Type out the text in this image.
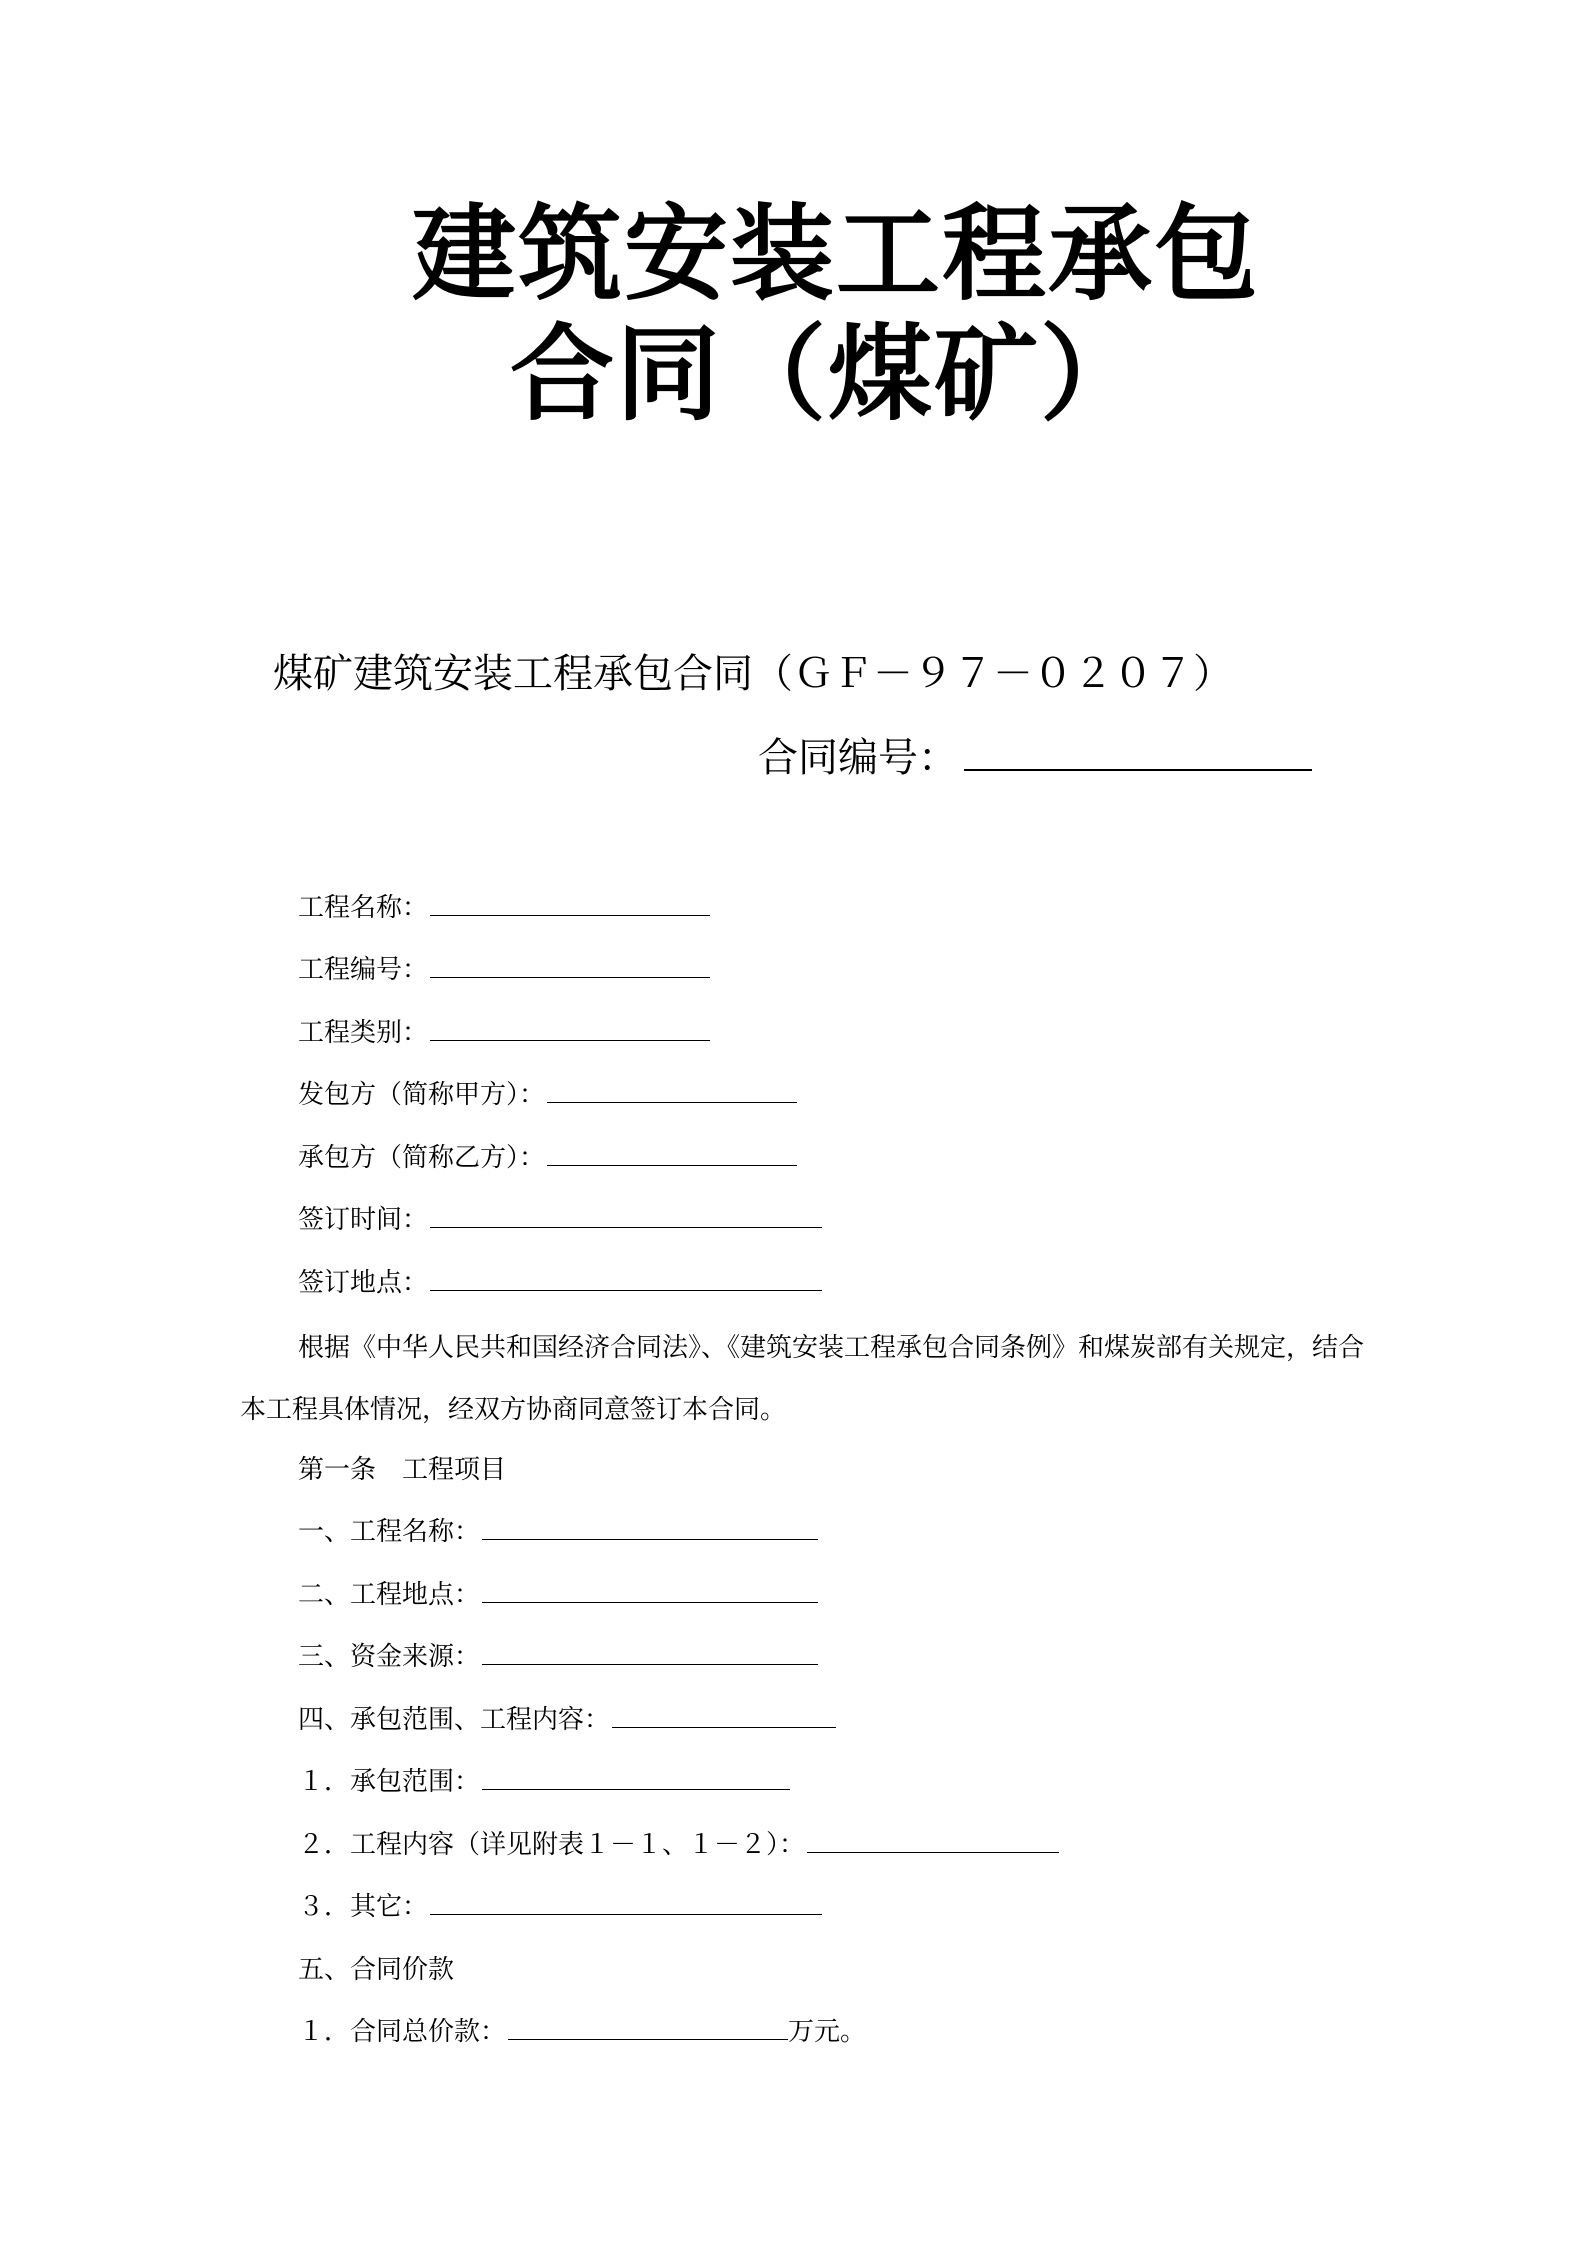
建筑安装工程承包
合同（煤矿）
煤矿建筑安装工程承包合同（ＧＦ－９７－０２０７）
合同编号：
工程名称：
工程编号：
工程类别：
发包方（简称甲方）：
承包方（简称乙方）：
签订时间：
签订地点：
根据《中华人民共和国经济合同法》、《建筑安装工程承包合同条例》和煤炭部有关规定，结合本工程具体情况，经双方协商同意签订本合同。
第一条　工程项目
一、工程名称：
二、工程地点：
三、资金来源：
四、承包范围、工程内容：
１．承包范围：
２．工程内容（详见附表１－１、１－２）：
３．其它：
五、合同价款
１．合同总价款：	万元。
